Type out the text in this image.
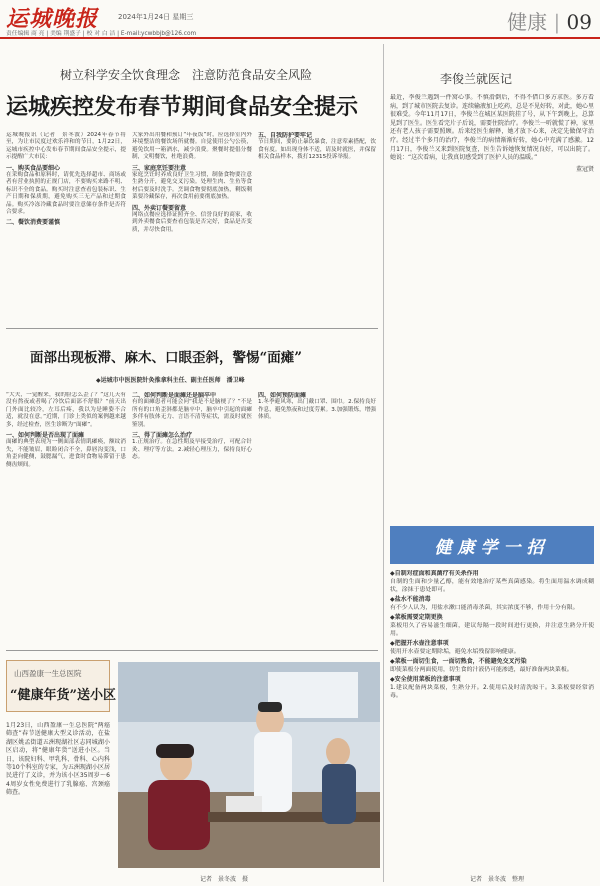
运城晚报	2024年1月24日 星期三
责任编辑 商 亮 | 美编 荆盛子 | 校 对 白 洁 | E-mail:ycwbbjb@126.com	健康 | 09
树立科学安全饮食理念　注意防范食品安全风险
运城疾控发布春节期间食品安全提示

运城晚报讯（记者　景冬波）2024年春节将至，为让市民度过欢乐祥和的节日，1月22日，运城市疾控中心发布春节期间食品安全提示，提示提醒广大市民：

一、购买食品要细心

在采购食品和原料时，请优先选择超市、商场或者有营业执照的正规门店，不要购买来路不明、标识不全的食品。购买时注意查看包装标识、生产日期和保质期，避免购买三无产品和过期食品。购买冷冻冷藏食品时要注意储存条件是否符合要求。

二、餐饮消费要谨慎

大家外出用餐和预订“年夜饭”时，应选择室内外环境整洁的餐饮场所就餐。自觉使用公勺公筷，避免饮用一箱酒水，减少浪费。聚餐时提倡分餐制，文明餐饮，杜绝浪费。

三、家庭烹饪要注意

家庭烹饪时养成良好卫生习惯，制备食物要注意生熟分开，避免交叉污染。处理生肉、生鱼等食材后要及时洗手。烹调食物要彻底加热，剩饭剩菜要冷藏保存，再次食用前要彻底加热。

四、外卖订餐要留意

网络点餐应选择证照齐全、信誉良好的商家，收到外卖餐食后要查看包装是否完好，食品是否变质，并尽快食用。

五、自我防护要牢记

节日期间，要防止暴饮暴食，注意荤素搭配，饮食有度。如出现身体不适，请及时就医，并保留相关食品样本，拨打12315投诉举报。

李俊兰就医记

最近，李俊兰遇到一件窝心事。不慎滑倒后，不得不借口多方求医。多方看病，到了城市医院去复诊。连续输液加上吃药，总是不见好转，对此，她心里很难受。今年11月17日，李俊兰在城区某医院挂了号，从下午到晚上，总算见到了医生。医生看完片子后说，需要住院治疗。李俊兰一听就慌了神，家里还有老人孩子需要照顾。后来经医生解释，她才放下心来，决定先做保守治疗。经过半个多月的治疗，李俊兰的病情渐渐好转，她心中充满了感激。12月17日，李俊兰又来到医院复查，医生告诉她恢复情况良好，可以出院了。她说：“这次看病，让我真切感受到了医护人员的温暖。”

董冠贤

健康学一招

◆自制对症面和真菌疗有关杀作用

自制的生面和少量乙醇，能有效地治疗某些真菌感染。将生面用温水调成糊状，涂抹于患处即可。

◆盐水不能消毒

有不少人认为，用盐水漱口能消毒杀菌，其实浓度不够，作用十分有限。

◆菜板需要定期更换

菜板用久了容易滋生细菌，建议每隔一段时间进行更换，并注意生熟分开使用。

◆把握开水壶注意事项

使用开水壶要定期除垢，避免水垢残留影响健康。

◆菜板一面切生食，一面切熟食，不能避免交叉污染

即使菜板分两面使用，切生食的汁液仍可能渗透，最好准备两块菜板。

◆安全使用菜板的注意事项

1.建议配备两块菜板，生熟分开。2.使用后及时清洗晾干。3.菜板要经常消毒。

记者　景冬波　整理
面部出现板滞、麻木、口眼歪斜，警惕“面瘫”
◆运城市中医医院针灸推拿科主任、副主任医师　潘卫峰

“大夫，一觉醒来，我的脸怎么歪了？”这几天有没有熬夜或者喝了冷饮后面部不舒服？“前天出门外面比较冷，左耳后疼，我以为是睡姿不合适，就没在意。”近期，门诊上类似的案例越来越多，经过检查，医生诊断为“面瘫”。

一、如何判断是否出现了面瘫

面瘫的典型表现为一侧面部表情肌瘫痪，额纹消失，不能皱眉，眼睑闭合不全，鼻唇沟变浅，口角歪向健侧，鼓腮漏气，进食时食物易滞留于患侧齿颊间。

二、如何判断是面瘫还是脑卒中

有的面瘫患者可能会问“我是不是脑梗了？”不是所有的口角歪斜都是脑卒中，脑卒中引起的面瘫多伴有肢体无力、言语不清等症状，需及时就医鉴别。

三、得了面瘫怎么治疗

1.正规治疗。在急性期及早接受治疗，可配合针灸、理疗等方法。2.减轻心理压力，保持良好心态。

四、如何预防面瘫

1.冬季避风寒，出门戴口罩、围巾。2.保持良好作息，避免熬夜和过度劳累。3.加强锻炼，增强体质。

山西盈康一生总医院
“健康年货”送小区

1月23日，山西盈康一生总医院“两癌筛查”春节送健康大型义诊活动，在盐湖区姚孟街道五洲现湖社区志同城湖小区启动，将“健康年货”送进小区。当日，该院妇科、甲乳科、骨科、心内科等10个科室的专家，为五洲现湖小区居民进行了义诊，并为该小区35周岁～64周岁女性免费进行了乳腺癌、宫颈癌筛查。

记者　景冬波　摄
